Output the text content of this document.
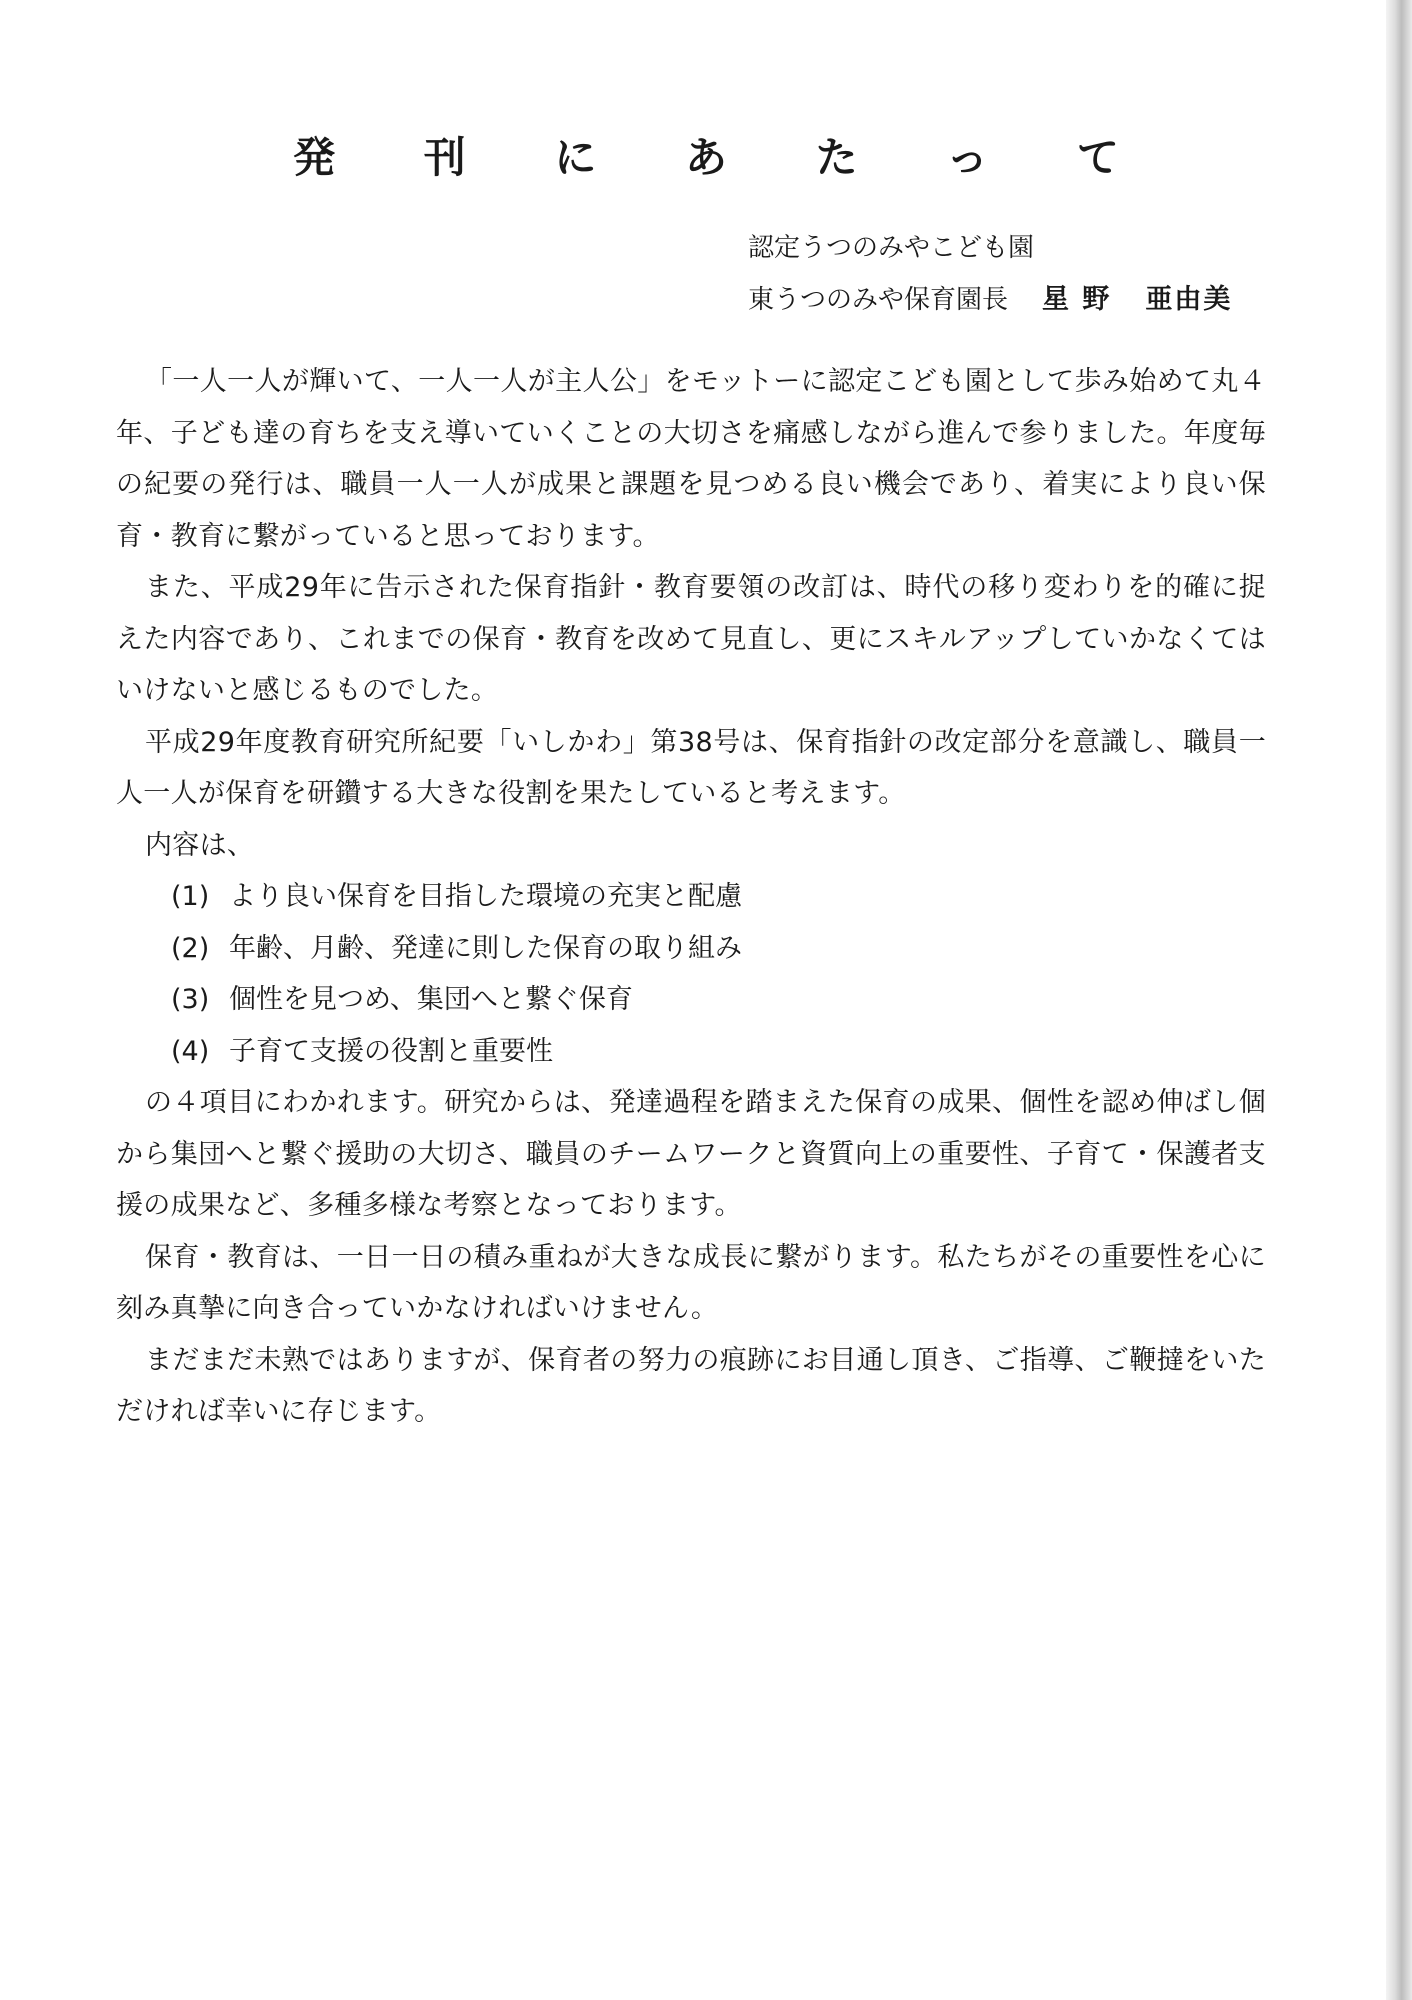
発 刊 に あ た っ て
認定うつのみやこども園
東うつのみや保育園長 星 野 亜由美

「一人一人が輝いて、一人一人が主人公」をモットーに認定こども園として歩み始めて丸４年、子ども達の育ちを支え導いていくことの大切さを痛感しながら進んで参りました。年度毎の紀要の発行は、職員一人一人が成果と課題を見つめる良い機会であり、着実により良い保育・教育に繋がっていると思っております。

また、平成29年に告示された保育指針・教育要領の改訂は、時代の移り変わりを的確に捉えた内容であり、これまでの保育・教育を改めて見直し、更にスキルアップしていかなくてはいけないと感じるものでした。

平成29年度教育研究所紀要「いしかわ」第38号は、保育指針の改定部分を意識し、職員一人一人が保育を研鑽する大きな役割を果たしていると考えます。

内容は、

(1) より良い保育を目指した環境の充実と配慮
(2) 年齢、月齢、発達に則した保育の取り組み
(3) 個性を見つめ、集団へと繋ぐ保育
(4) 子育て支援の役割と重要性

の４項目にわかれます。研究からは、発達過程を踏まえた保育の成果、個性を認め伸ばし個から集団へと繋ぐ援助の大切さ、職員のチームワークと資質向上の重要性、子育て・保護者支援の成果など、多種多様な考察となっております。

保育・教育は、一日一日の積み重ねが大きな成長に繋がります。私たちがその重要性を心に刻み真摯に向き合っていかなければいけません。

まだまだ未熟ではありますが、保育者の努力の痕跡にお目通し頂き、ご指導、ご鞭撻をいただければ幸いに存じます。
